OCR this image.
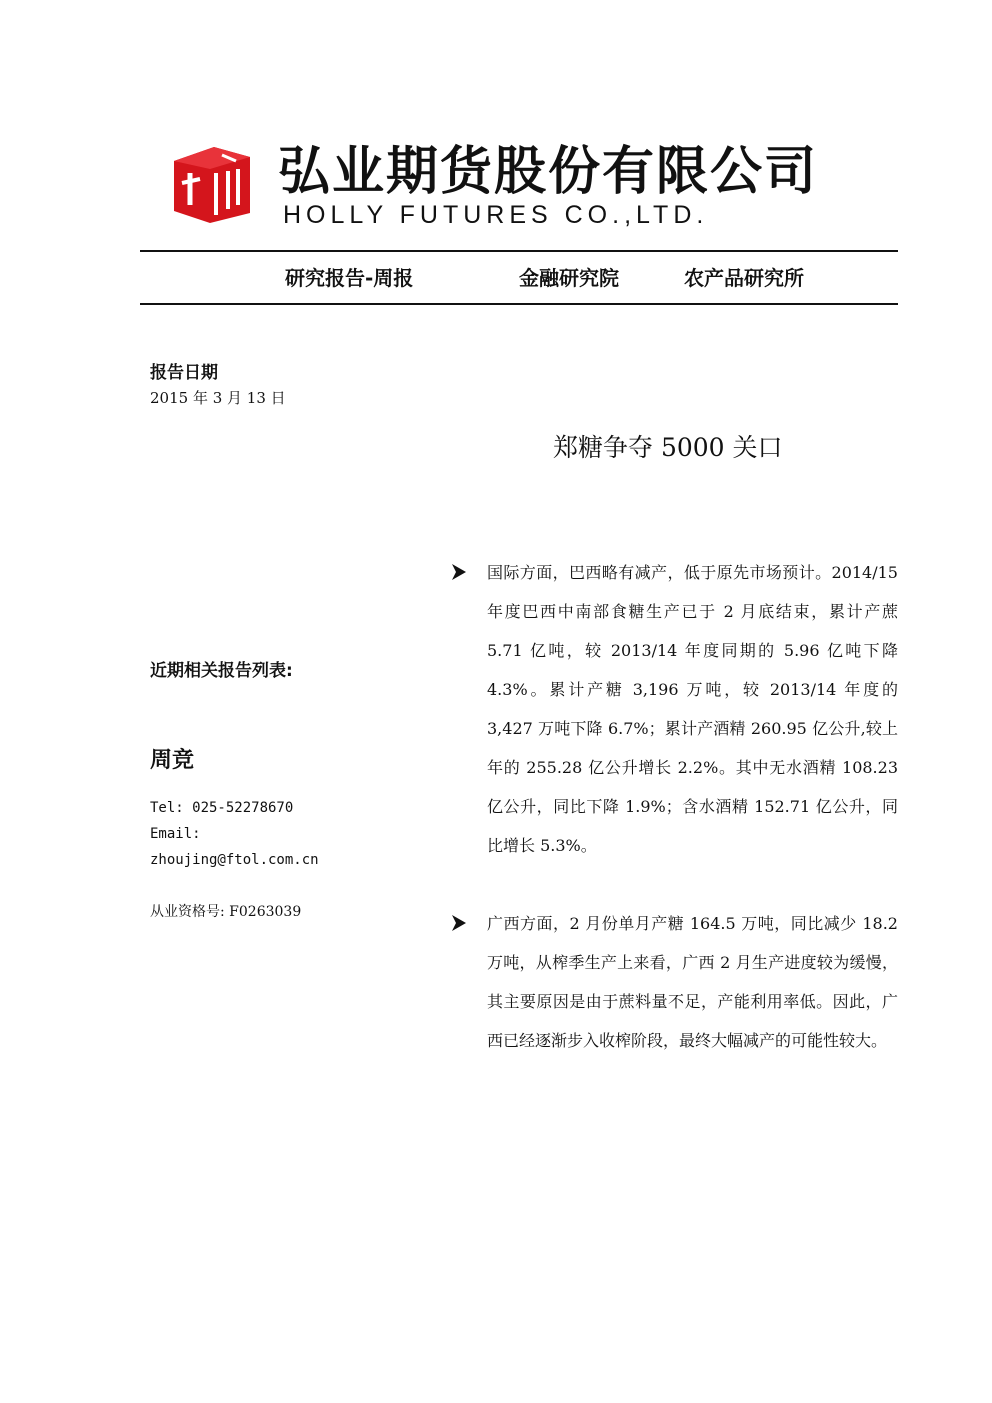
弘业期货股份有限公司
HOLLY FUTURES CO.,LTD.
研究报告-周报	金融研究院	农产品研究所
报告日期
2015 年 3 月 13 日
近期相关报告列表:
周竞
Tel: 025-52278670
Email:
zhoujing@ftol.com.cn
从业资格号: F0263039
郑糖争夺 5000 关口
国际方面，巴西略有减产，低于原先市场预计。2014/15 年度巴西中南部食糖生产已于 2 月底结束，累计产蔗 5.71 亿吨，较 2013/14 年度同期的 5.96 亿吨下降 4.3%。累计产糖 3,196 万吨，较 2013/14 年度的 3,427 万吨下降 6.7%；累计产酒精 260.95 亿公升,较上年的 255.28 亿公升增长 2.2%。其中无水酒精 108.23 亿公升，同比下降 1.9%；含水酒精 152.71 亿公升，同比增长 5.3%。
广西方面，2 月份单月产糖 164.5 万吨，同比减少 18.2 万吨，从榨季生产上来看，广西 2 月生产进度较为缓慢，其主要原因是由于蔗料量不足，产能利用率低。因此，广西已经逐渐步入收榨阶段，最终大幅减产的可能性较大。
